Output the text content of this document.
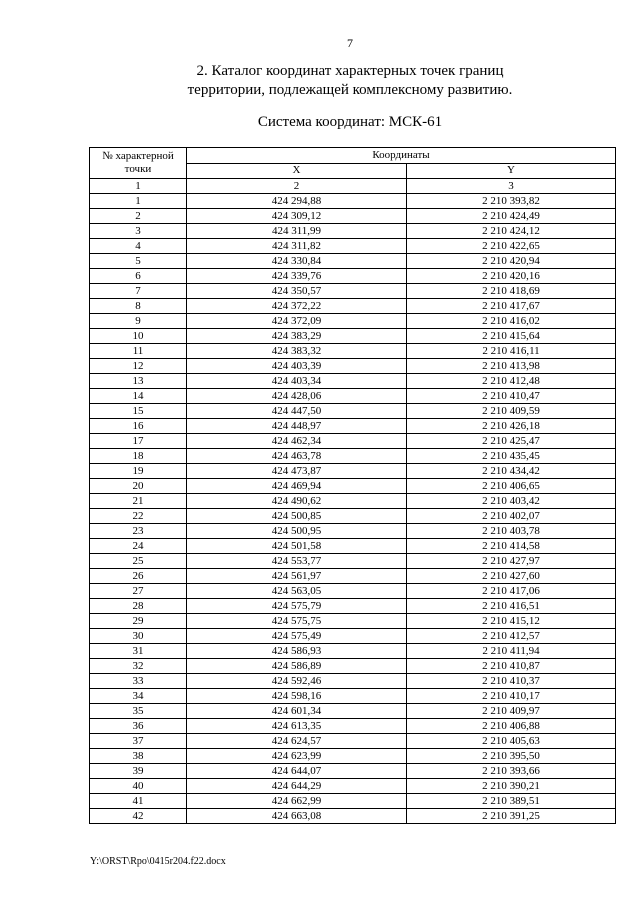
7
2. Каталог координат характерных точек границ
территории, подлежащей комплексному развитию.
Система координат: МСК-61
№ характерной точки	Координаты	
	X	Y
1	2	3
1	424 294,88	2 210 393,82
2	424 309,12	2 210 424,49
3	424 311,99	2 210 424,12
4	424 311,82	2 210 422,65
5	424 330,84	2 210 420,94
6	424 339,76	2 210 420,16
7	424 350,57	2 210 418,69
8	424 372,22	2 210 417,67
9	424 372,09	2 210 416,02
10	424 383,29	2 210 415,64
11	424 383,32	2 210 416,11
12	424 403,39	2 210 413,98
13	424 403,34	2 210 412,48
14	424 428,06	2 210 410,47
15	424 447,50	2 210 409,59
16	424 448,97	2 210 426,18
17	424 462,34	2 210 425,47
18	424 463,78	2 210 435,45
19	424 473,87	2 210 434,42
20	424 469,94	2 210 406,65
21	424 490,62	2 210 403,42
22	424 500,85	2 210 402,07
23	424 500,95	2 210 403,78
24	424 501,58	2 210 414,58
25	424 553,77	2 210 427,97
26	424 561,97	2 210 427,60
27	424 563,05	2 210 417,06
28	424 575,79	2 210 416,51
29	424 575,75	2 210 415,12
30	424 575,49	2 210 412,57
31	424 586,93	2 210 411,94
32	424 586,89	2 210 410,87
33	424 592,46	2 210 410,37
34	424 598,16	2 210 410,17
35	424 601,34	2 210 409,97
36	424 613,35	2 210 406,88
37	424 624,57	2 210 405,63
38	424 623,99	2 210 395,50
39	424 644,07	2 210 393,66
40	424 644,29	2 210 390,21
41	424 662,99	2 210 389,51
42	424 663,08	2 210 391,25
Y:\ORST\Rpo\0415r204.f22.docx
